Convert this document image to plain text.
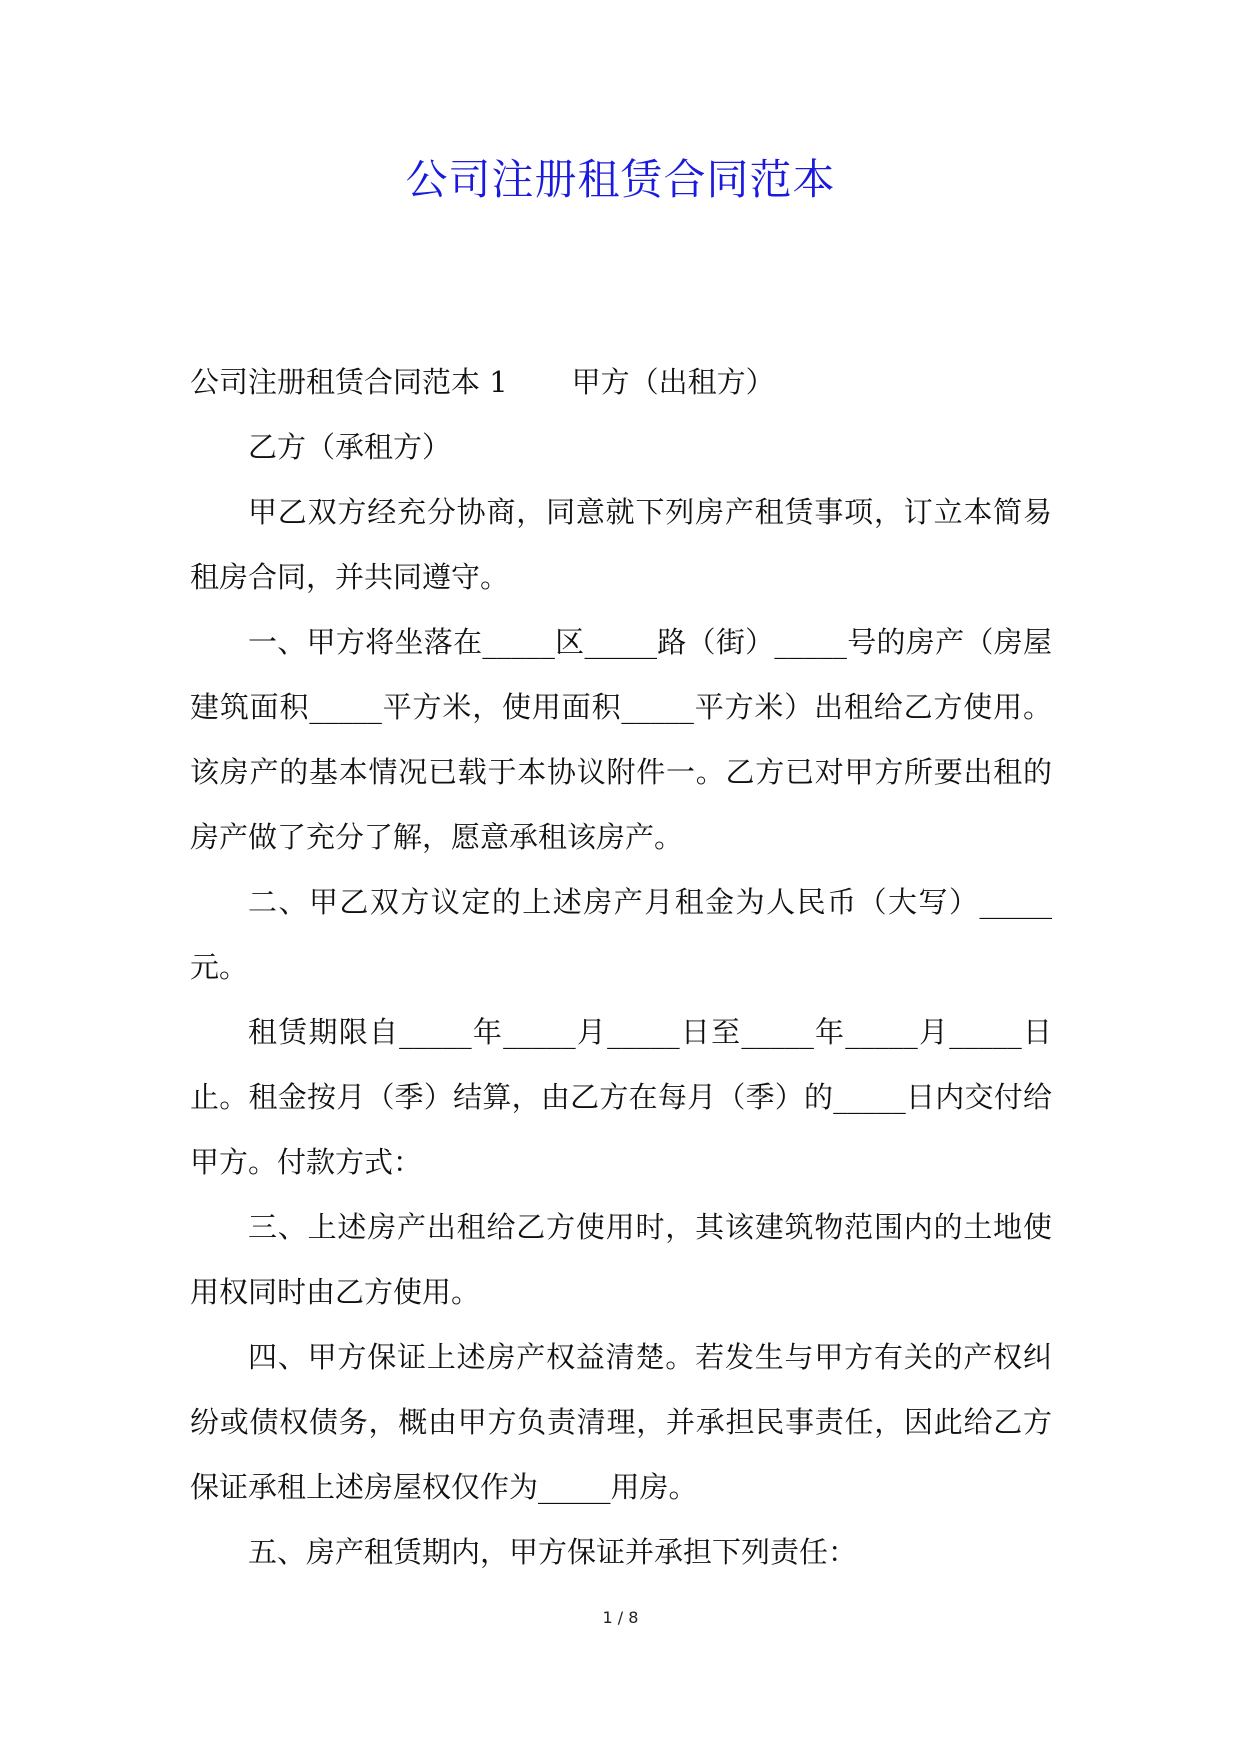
公司注册租赁合同范本

公司注册租赁合同范本 1 甲方（出租方）

乙方（承租方）

甲乙双方经充分协商，同意就下列房产租赁事项，订立本简易租房合同，并共同遵守。

一、甲方将坐落在_____区_____路（街）_____号的房产（房屋建筑面积_____平方米，使用面积_____平方米）出租给乙方使用。该房产的基本情况已载于本协议附件一。乙方已对甲方所要出租的房产做了充分了解，愿意承租该房产。

二、甲乙双方议定的上述房产月租金为人民币（大写）_____元。

租赁期限自_____年_____月_____日至_____年_____月_____日止。租金按月（季）结算，由乙方在每月（季）的_____日内交付给甲方。付款方式：

三、上述房产出租给乙方使用时，其该建筑物范围内的土地使用权同时由乙方使用。

四、甲方保证上述房产权益清楚。若发生与甲方有关的产权纠纷或债权债务，概由甲方负责清理，并承担民事责任，因此给乙方保证承租上述房屋权仅作为_____用房。

五、房产租赁期内，甲方保证并承担下列责任：

1 / 8
